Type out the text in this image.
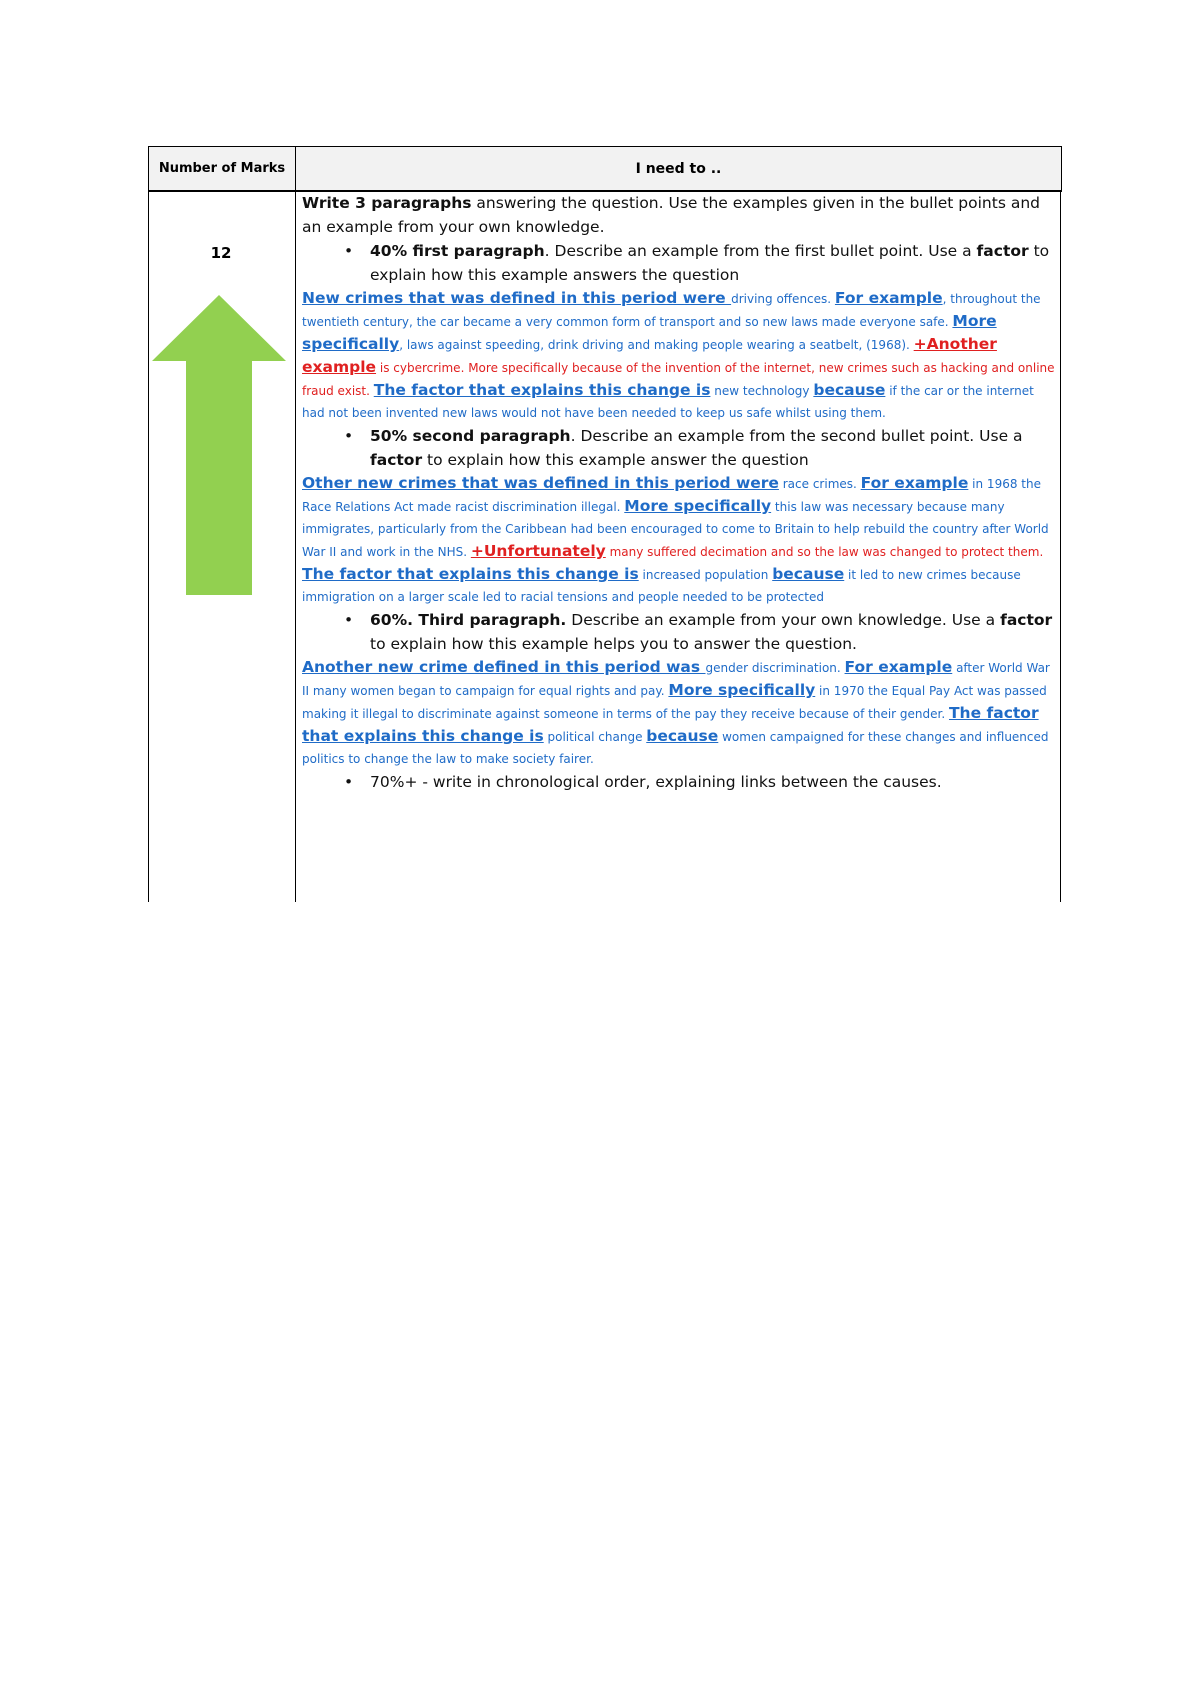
Number of Marks	I need to ..
12

Write 3 paragraphs answering the question. Use the examples given in the bullet points and an example from your own knowledge.

•	40% first paragraph. Describe an example from the first bullet point. Use a factor to explain how this example answers the question

New crimes that was defined in this period were driving offences. For example, throughout the twentieth century, the car became a very common form of transport and so new laws made everyone safe. More specifically, laws against speeding, drink driving and making people wearing a seatbelt, (1968). +Another example is cybercrime. More specifically because of the invention of the internet, new crimes such as hacking and online fraud exist. The factor that explains this change is new technology because if the car or the internet had not been invented new laws would not have been needed to keep us safe whilst using them.

•	50% second paragraph. Describe an example from the second bullet point. Use a factor to explain how this example answer the question

Other new crimes that was defined in this period were race crimes. For example in 1968 the Race Relations Act made racist discrimination illegal. More specifically this law was necessary because many immigrates, particularly from the Caribbean had been encouraged to come to Britain to help rebuild the country after World War II and work in the NHS. +Unfortunately many suffered decimation and so the law was changed to protect them. The factor that explains this change is increased population because it led to new crimes because immigration on a larger scale led to racial tensions and people needed to be protected

•	60%. Third paragraph. Describe an example from your own knowledge. Use a factor to explain how this example helps you to answer the question.

Another new crime defined in this period was gender discrimination. For example after World War II many women began to campaign for equal rights and pay. More specifically in 1970 the Equal Pay Act was passed making it illegal to discriminate against someone in terms of the pay they receive because of their gender. The factor that explains this change is political change because women campaigned for these changes and influenced politics to change the law to make society fairer.

•	70%+ - write in chronological order, explaining links between the causes.
